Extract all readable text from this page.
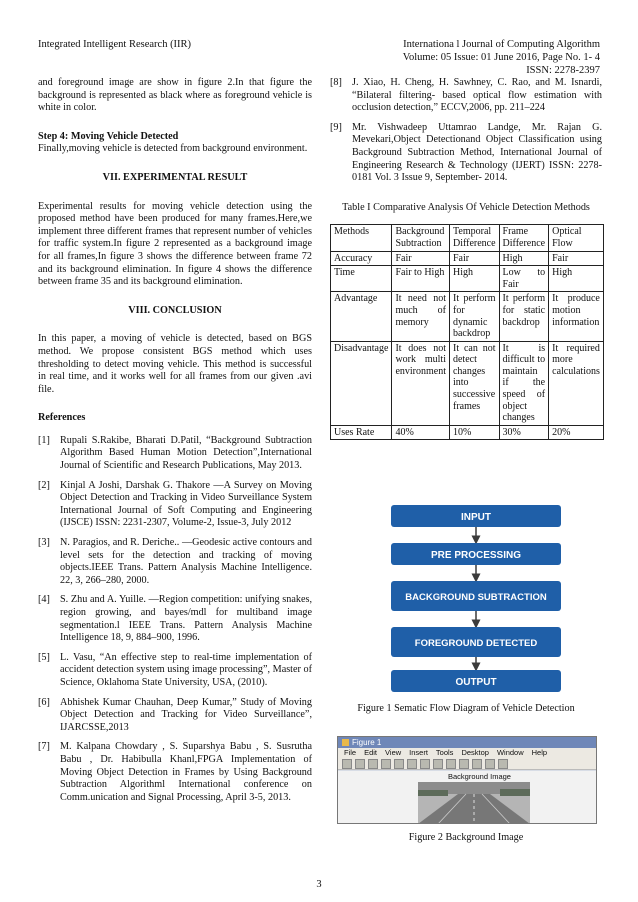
Integrated Intelligent Research (IIR)	Internationa l Journal of Computing Algorithm
Volume: 05 Issue: 01 June 2016, Page No. 1- 4
ISSN: 2278-2397

and foreground image are show in figure 2.In that figure the background is represented as black where as foreground vehicle is white in color.

Step 4: Moving Vehicle Detected

Finally,moving vehicle is detected from background environment.

VII. EXPERIMENTAL RESULT

Experimental results for moving vehicle detection using the proposed method have been produced for many frames.Here,we implement three different frames that represent number of vehicles for traffic system.In figure 2 represented as a background image for all frames,In figure 3 shows the difference between frame 72 and its background elimination. In figure 4 shows the difference between frame 35 and its background elimination.

VIII. CONCLUSION

In this paper, a moving of vehicle is detected, based on BGS method. We propose consistent BGS method which uses thresholding to detect moving vehicle. This method is successful in real time, and it works well for all frames from our given .avi file.

References

[1] Rupali S.Rakibe, Bharati D.Patil, “Background Subtraction Algorithm Based Human Motion Detection”,International Journal of Scientific and Research Publications, May 2013.
[2] Kinjal A Joshi, Darshak G. Thakore ―A Survey on Moving Object Detection and Tracking in Video Surveillance System International Journal of Soft Computing and Engineering (IJSCE) ISSN: 2231-2307, Volume-2, Issue-3, July 2012
[3] N. Paragios, and R. Deriche.. ―Geodesic active contours and level sets for the detection and tracking of moving objects.IEEE Trans. Pattern Analysis Machine Intelligence. 22, 3, 266–280, 2000.
[4] S. Zhu and A. Yuille. ―Region competition: unifying snakes, region growing, and bayes/mdl for multiband image segmentation.l IEEE Trans. Pattern Analysis Machine Intelligence 18, 9, 884–900, 1996.
[5] L. Vasu, “An effective step to real-time implementation of accident detection system using image processing”, Master of Science, Oklahoma State University, USA, (2010).
[6] Abhishek Kumar Chauhan, Deep Kumar,” Study of Moving Object Detection and Tracking for Video Surveillance”, IJARCSSE,2013
[7] M. Kalpana Chowdary , S. Suparshya Babu , S. Susrutha Babu , Dr. Habibulla Khanl,FPGA Implementation of Moving Object Detection in Frames by Using Background Subtraction Algorithml International conference on Comm.unication and Signal Processing, April 3-5, 2013.
[8] J. Xiao, H. Cheng, H. Sawhney, C. Rao, and M. Isnardi, “Bilateral filtering- based optical flow estimation with occlusion detection,” ECCV,2006, pp. 211–224
[9] Mr. Vishwadeep Uttamrao Landge, Mr. Rajan G. Mevekari,Object Detectionand Object Classification using Background Subtraction Method, International Journal of Engineering Research & Technology (IJERT) ISSN: 2278-0181 Vol. 3 Issue 9, September- 2014.

Table I Comparative Analysis Of Vehicle Detection Methods

Methods	Background Subtraction	Temporal Difference	Frame Difference	Optical Flow
Accuracy	Fair	Fair	High	Fair
Time	Fair to High	High	Low to Fair	High
Advantage	It need not much of memory	It perform for dynamic backdrop	It perform for static backdrop	It produce motion information
Disadvantage	It does not work multi environment	It can not detect changes into successive frames	It is difficult to maintain if the speed of object changes	It required more calculations
Uses Rate	40%	10%	30%	20%
INPUT
PRE PROCESSING
BACKGROUND SUBTRACTION
FOREGROUND DETECTED
OUTPUT
Figure 1 Sematic Flow Diagram of Vehicle Detection
Figure 1
File Edit View Insert Tools Desktop Window Help
Background Image
Figure 2 Background Image
3
